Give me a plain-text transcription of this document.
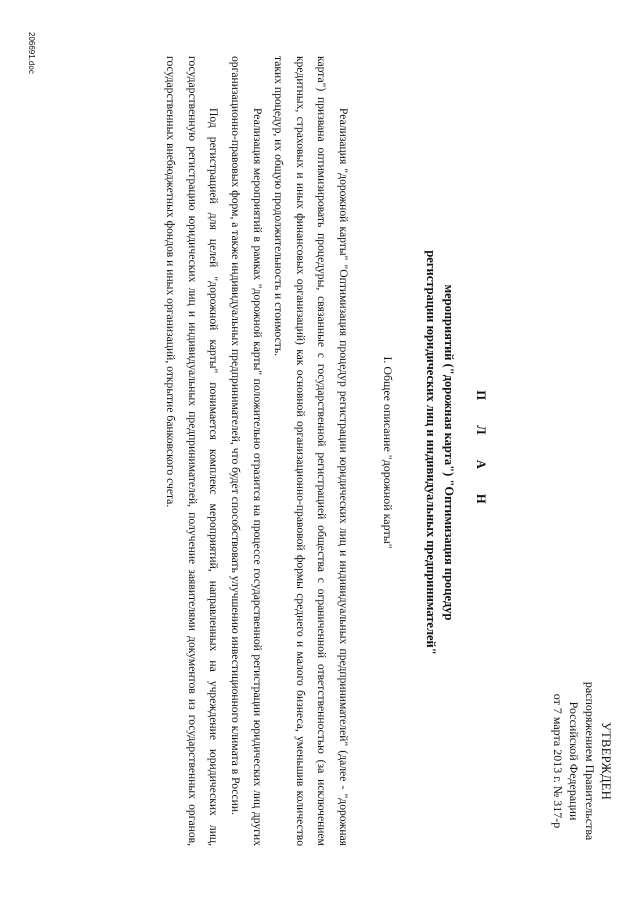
УТВЕРЖДЕН
распоряжением Правительства
Российской Федерации
от 7 марта 2013 г. № 317-р
П Л А Н
мероприятий ("дорожная карта") "Оптимизация процедур
регистрации юридических лиц и индивидуальных предпринимателей"
I. Общее описание "дорожной карты"

Реализация "дорожной карты" "Оптимизация процедур регистрации юридических лиц и индивидуальных предпринимателей" (далее - "дорожная карта") призвана оптимизировать процедуры, связанные с государственной регистрацией общества с ограниченной ответственностью (за исключением кредитных, страховых и иных финансовых организаций) как основной организационно-правовой формы среднего и малого бизнеса, уменьшив количество таких процедур, их общую продолжительность и стоимость.

Реализация мероприятий в рамках "дорожной карты" положительно отразится на процессе государственной регистрации юридических лиц других организационно-правовых форм, а также индивидуальных предпринимателей, что будет способствовать улучшению инвестиционного климата в России.

Под регистрацией для целей "дорожной карты" понимается комплекс мероприятий, направленных на учреждение юридических лиц, государственную регистрацию юридических лиц и индивидуальных предпринимателей, получение заявителями документов из государственных органов, государственных внебюджетных фондов и иных организаций, открытие банковского счета.

206691.doc
